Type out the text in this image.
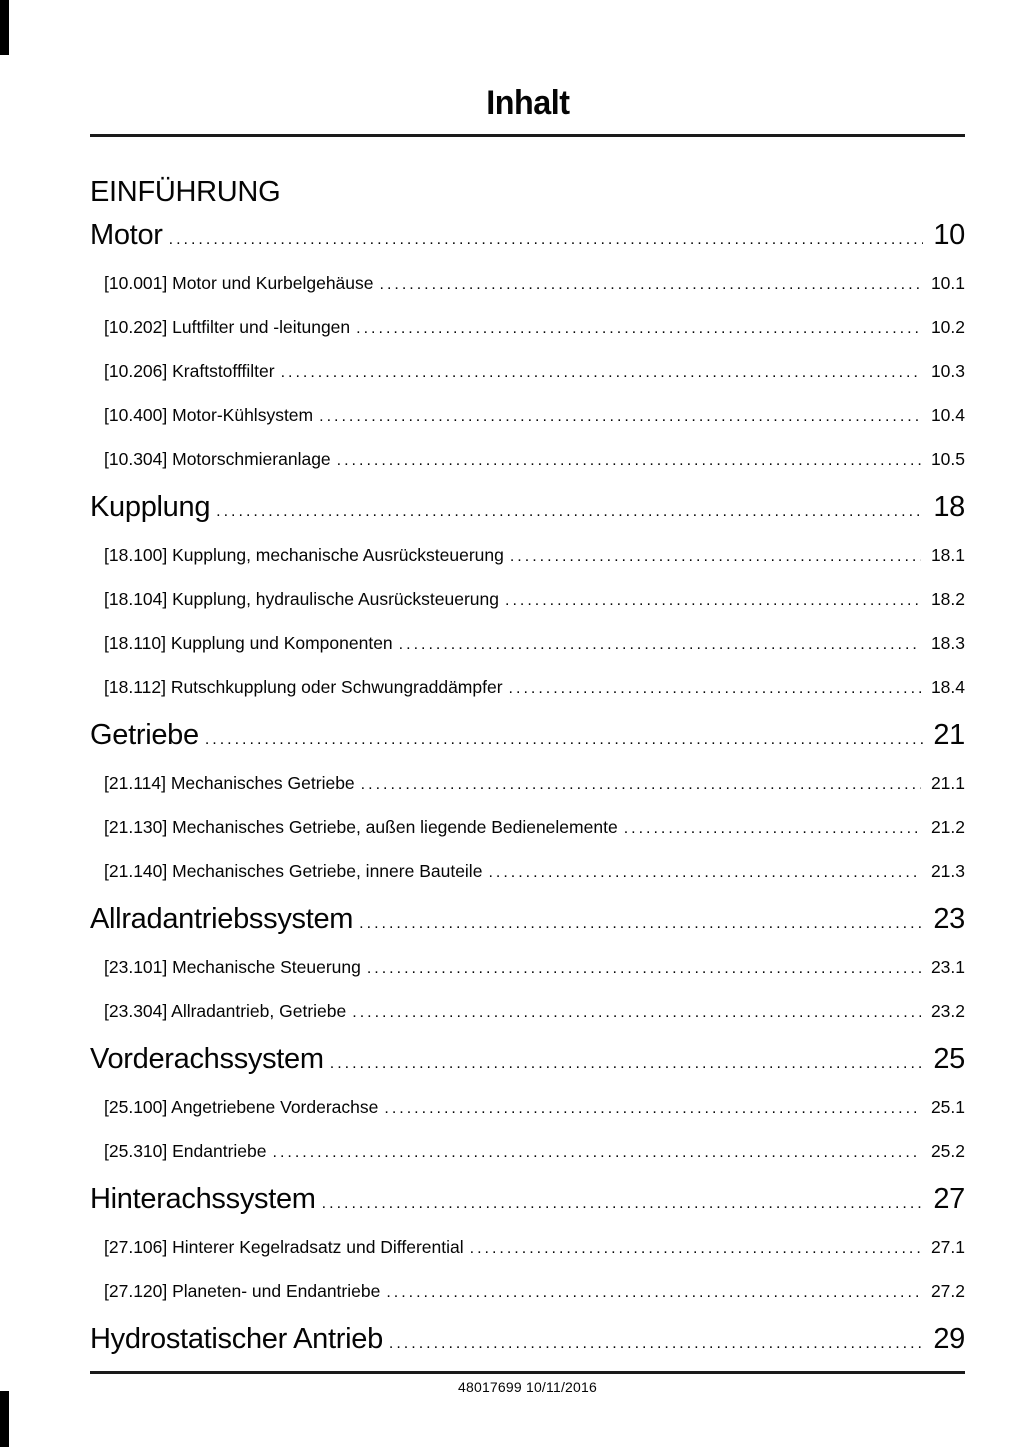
Inhalt
EINFÜHRUNG
Motor .....	10
[10.001] Motor und Kurbelgehäuse .....	10.1
[10.202] Luftfilter und -leitungen .....	10.2
[10.206] Kraftstofffilter .....	10.3
[10.400] Motor-Kühlsystem .....	10.4
[10.304] Motorschmieranlage .....	10.5
Kupplung .....	18
[18.100] Kupplung, mechanische Ausrücksteuerung .....	18.1
[18.104] Kupplung, hydraulische Ausrücksteuerung .....	18.2
[18.110] Kupplung und Komponenten .....	18.3
[18.112] Rutschkupplung oder Schwungraddämpfer .....	18.4
Getriebe .....	21
[21.114] Mechanisches Getriebe .....	21.1
[21.130] Mechanisches Getriebe, außen liegende Bedienelemente .....	21.2
[21.140] Mechanisches Getriebe, innere Bauteile .....	21.3
Allradantriebssystem .....	23
[23.101] Mechanische Steuerung .....	23.1
[23.304] Allradantrieb, Getriebe .....	23.2
Vorderachssystem .....	25
[25.100] Angetriebene Vorderachse .....	25.1
[25.310] Endantriebe .....	25.2
Hinterachssystem .....	27
[27.106] Hinterer Kegelradsatz und Differential .....	27.1
[27.120] Planeten- und Endantriebe .....	27.2
Hydrostatischer Antrieb .....	29
48017699 10/11/2016
